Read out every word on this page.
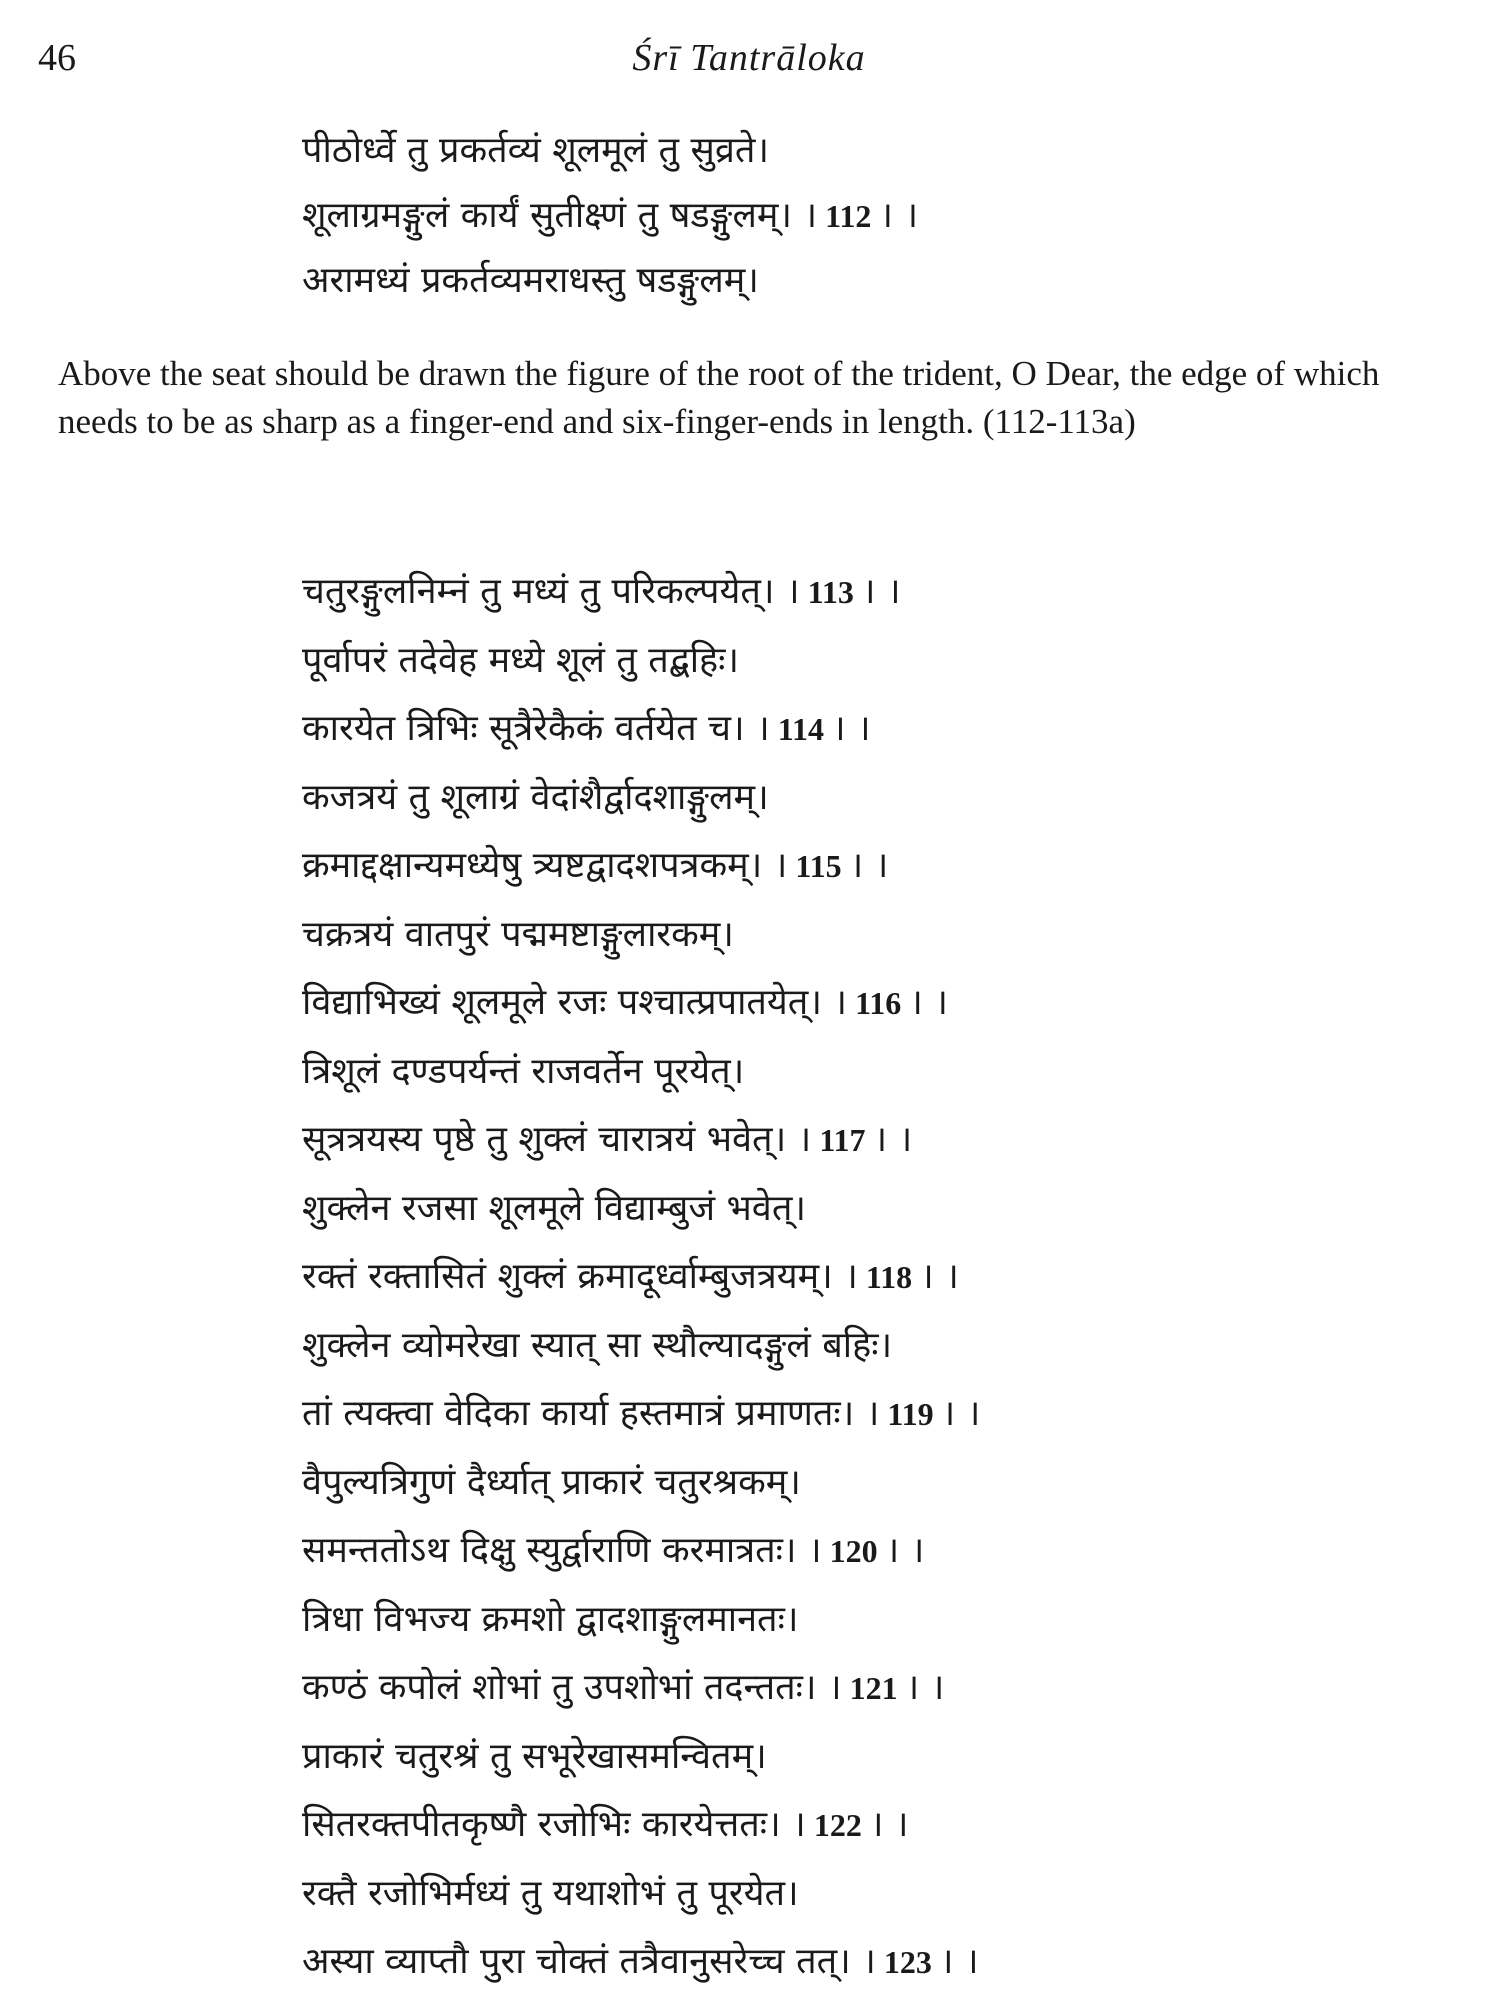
46	Śrī Tantrāloka
पीठोर्ध्वे तु प्रकर्तव्यं शूलमूलं तु सुव्रते।
शूलाग्रमङ्गुलं कार्यं सुतीक्ष्णं तु षडङ्गुलम्। । 112 । ।
अरामध्यं प्रकर्तव्यमराधस्तु षडङ्गुलम्।

Above the seat should be drawn the figure of the root of the trident, O Dear, the edge of which needs to be as sharp as a finger-end and six-finger-ends in length. (112-113a)

चतुरङ्गुलनिम्नं तु मध्यं तु परिकल्पयेत्। । 113 । ।
पूर्वापरं तदेवेह मध्ये शूलं तु तद्बहिः।
कारयेत त्रिभिः सूत्रैरेकैकं वर्तयेत च। । 114 । ।
कजत्रयं तु शूलाग्रं वेदांशैर्द्वादशाङ्गुलम्।
क्रमाद्दक्षान्यमध्येषु त्र्यष्टद्वादशपत्रकम्। । 115 । ।
चक्रत्रयं वातपुरं पद्ममष्टाङ्गुलारकम्।
विद्याभिख्यं शूलमूले रजः पश्चात्प्रपातयेत्। । 116 । ।
त्रिशूलं दण्डपर्यन्तं राजवर्तेन पूरयेत्।
सूत्रत्रयस्य पृष्ठे तु शुक्लं चारात्रयं भवेत्। । 117 । ।
शुक्लेन रजसा शूलमूले विद्याम्बुजं भवेत्।
रक्तं रक्तासितं शुक्लं क्रमादूर्ध्वाम्बुजत्रयम्। । 118 । ।
शुक्लेन व्योमरेखा स्यात् सा स्थौल्यादङ्गुलं बहिः।
तां त्यक्त्वा वेदिका कार्या हस्तमात्रं प्रमाणतः। । 119 । ।
वैपुल्यत्रिगुणं दैर्ध्यात् प्राकारं चतुरश्रकम्।
समन्ततोऽथ दिक्षु स्युर्द्वाराणि करमात्रतः। । 120 । ।
त्रिधा विभज्य क्रमशो द्वादशाङ्गुलमानतः।
कण्ठं कपोलं शोभां तु उपशोभां तदन्ततः। । 121 । ।
प्राकारं चतुरश्रं तु सभूरेखासमन्वितम्।
सितरक्तपीतकृष्णै रजोभिः कारयेत्ततः। । 122 । ।
रक्तै रजोभिर्मध्यं तु यथाशोभं तु पूरयेत।
अस्या व्याप्तौ पुरा चोक्तं तत्रैवानुसरेच्च तत्। । 123 । ।
